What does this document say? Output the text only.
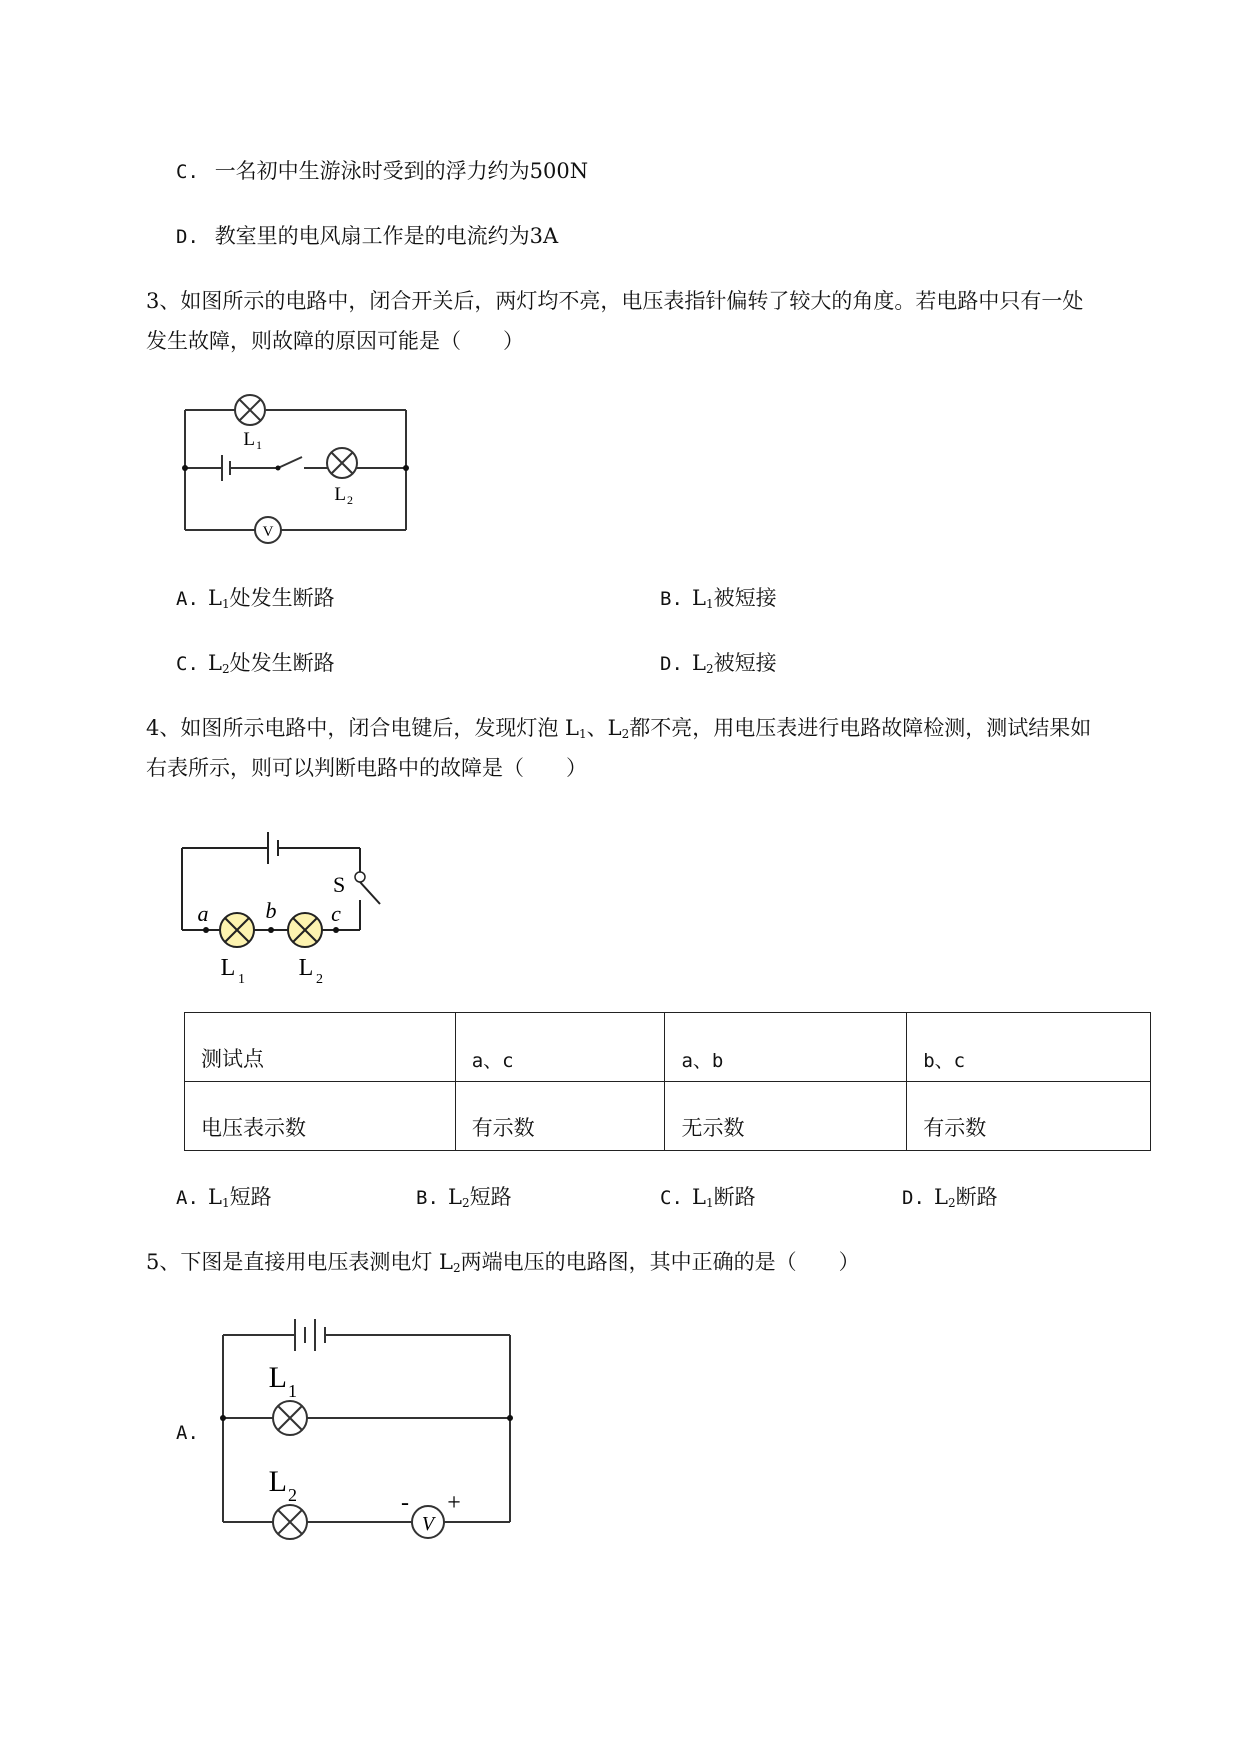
C. 一名初中生游泳时受到的浮力约为500N
D. 教室里的电风扇工作是的电流约为3A
3、如图所示的电路中，闭合开关后，两灯均不亮，电压表指针偏转了较大的角度。若电路中只有一处
发生故障，则故障的原因可能是（　　）
V
L 1
L 2
A. $L_1$处发生断路	B. $L_1$被短接
C. $L_2$处发生断路	D. $L_2$被短接
4、如图所示电路中，闭合电键后，发现灯泡 $L_1$、$L_2$都不亮，用电压表进行电路故障检测，测试结果如
右表所示，则可以判断电路中的故障是（　　）
a	b c
S
L 1 L 2
测试点	a、c	a、b	b、c
电压表示数	有示数	无示数	有示数
A. $L_1$短路	B. $L_2$短路	C. $L_1$断路	D. $L_2$断路
5、下图是直接用电压表测电灯 $L_2$两端电压的电路图，其中正确的是（　　）
A.
V
- +
L 1
L 2
